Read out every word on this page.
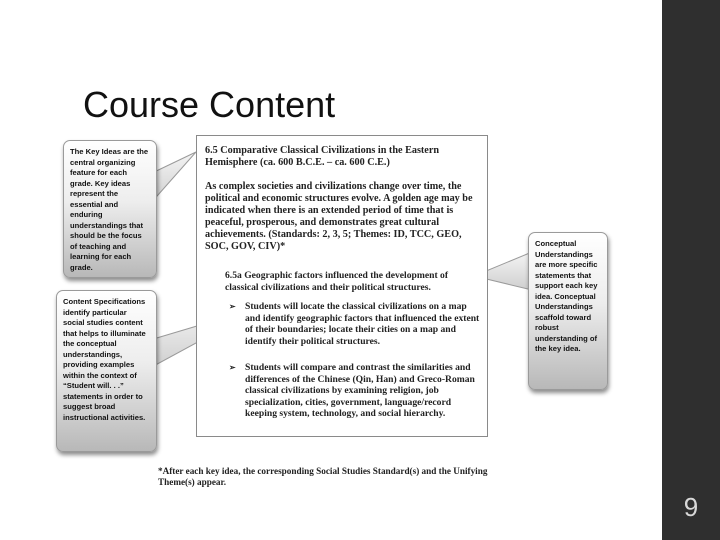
9
Course Content
The Key Ideas are the central organizing feature for each grade. Key ideas represent the essential and enduring understandings that should be the focus of teaching and learning for each grade.
Content Specifications identify particular social studies content that helps to illuminate the conceptual understandings, providing examples within the context of “Student will. . .” statements in order to suggest broad instructional activities.
Conceptual Understandings are more specific statements that support each key idea. Conceptual Understandings scaffold toward robust understanding of the key idea.
6.5 Comparative Classical Civilizations in the Eastern Hemisphere (ca. 600 B.C.E. – ca. 600 C.E.)
As complex societies and civilizations change over time, the political and economic structures evolve. A golden age may be indicated when there is an extended period of time that is peaceful, prosperous, and demonstrates great cultural achievements. (Standards: 2, 3, 5; Themes: ID, TCC, GEO, SOC, GOV, CIV)*
6.5a Geographic factors influenced the development of classical civilizations and their political structures.
➢ Students will locate the classical civilizations on a map and identify geographic factors that influenced the extent of their boundaries; locate their cities on a map and identify their political structures.
➢ Students will compare and contrast the similarities and differences of the Chinese (Qin, Han) and Greco-Roman classical civilizations by examining religion, job specialization, cities, government, language/record keeping system, technology, and social hierarchy.
*After each key idea, the corresponding Social Studies Standard(s) and the Unifying Theme(s) appear.
